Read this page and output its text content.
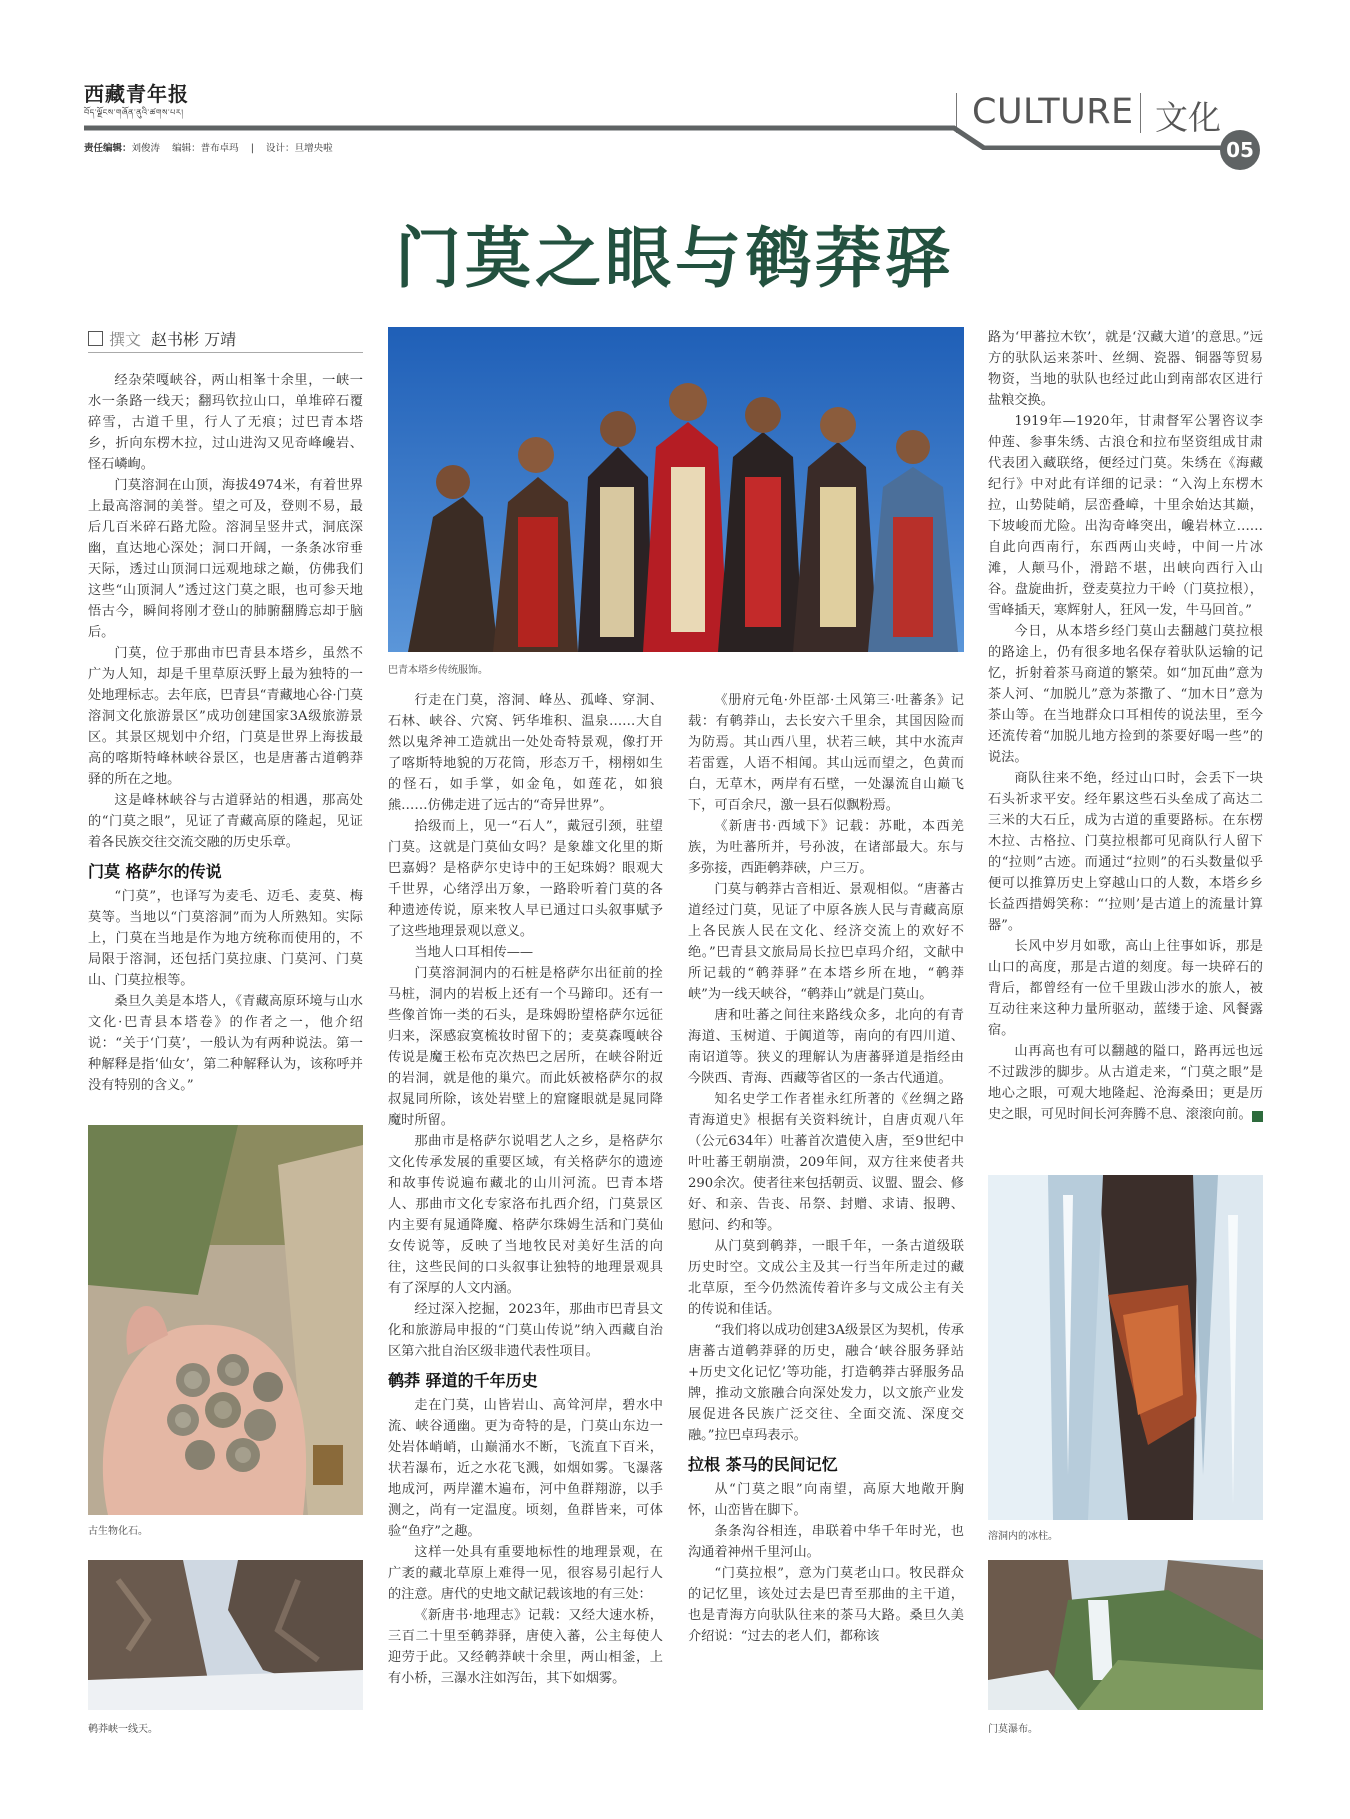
西藏青年报
བོད་ལྗོངས་གཞོན་ནུའི་ཚགས་པར།	CULTURE 文化
05
责任编辑：刘俊涛 编辑：普布卓玛 | 设计：旦增央啦
门莫之眼与鹌莽驿
撰文 赵书彬 万靖

经杂荣嘎峡谷，两山相峯十余里，一峡一水一条路一线天；翻玛钦拉山口，单堆碎石覆碎雪，古道千里，行人了无痕；过巴青本塔乡，折向东楞木拉，过山进沟又见奇峰巉岩、怪石嶙峋。

门莫溶洞在山顶，海拔4974米，有着世界上最高溶洞的美誉。望之可及，登则不易，最后几百米碎石路尤险。溶洞呈竖井式，洞底深幽，直达地心深处；洞口开阔，一条条冰帘垂天际，透过山顶洞口远观地球之巅，仿佛我们这些“山顶洞人”透过这门莫之眼，也可参天地悟古今，瞬间将刚才登山的肺腑翻腾忘却于脑后。

门莫，位于那曲市巴青县本塔乡，虽然不广为人知，却是千里草原沃野上最为独特的一处地理标志。去年底，巴青县“青藏地心谷·门莫溶洞文化旅游景区”成功创建国家3A级旅游景区。其景区规划中介绍，门莫是世界上海拔最高的喀斯特峰林峡谷景区，也是唐蕃古道鹌莽驿的所在之地。

这是峰林峡谷与古道驿站的相遇，那高处的“门莫之眼”，见证了青藏高原的隆起，见证着各民族交往交流交融的历史乐章。

门莫 格萨尔的传说

“门莫”，也译写为麦毛、迈毛、麦莫、梅莫等。当地以“门莫溶洞”而为人所熟知。实际上，门莫在当地是作为地方统称而使用的，不局限于溶洞，还包括门莫拉康、门莫河、门莫山、门莫拉根等。

桑旦久美是本塔人，《青藏高原环境与山水文化·巴青县本塔卷》的作者之一，他介绍说：“关于‘门莫’，一般认为有两种说法。第一种解释是指‘仙女’，第二种解释认为，该称呼并没有特别的含义。”

古生物化石。
鹌莽峡一线天。
巴青本塔乡传统服饰。

行走在门莫，溶洞、峰丛、孤峰、穿洞、石林、峡谷、穴窝、钙华堆积、温泉……大自然以鬼斧神工造就出一处处奇特景观，像打开了喀斯特地貌的万花筒，形态万千，栩栩如生的怪石，如手掌，如金龟，如莲花，如狼熊……仿佛走进了远古的“奇异世界”。

拾级而上，见一“石人”，戴冠引颈，驻望门莫。这就是门莫仙女吗？是象雄文化里的斯巴嘉姆？是格萨尔史诗中的王妃珠姆？眼观大千世界，心绪浮出万象，一路聆听着门莫的各种遗迹传说，原来牧人早已通过口头叙事赋予了这些地理景观以意义。

当地人口耳相传——

门莫溶洞洞内的石桩是格萨尔出征前的拴马桩，洞内的岩板上还有一个马蹄印。还有一些像首饰一类的石头，是珠姆盼望格萨尔远征归来，深感寂寞梳妆时留下的；麦莫森嘎峡谷传说是魔王松布克次热巴之居所，在峡谷附近的岩洞，就是他的巢穴。而此妖被格萨尔的叔叔晁同所除，该处岩壁上的窟窿眼就是晁同降魔时所留。

那曲市是格萨尔说唱艺人之乡，是格萨尔文化传承发展的重要区域，有关格萨尔的遗迹和故事传说遍布藏北的山川河流。巴青本塔人、那曲市文化专家洛布扎西介绍，门莫景区内主要有晁通降魔、格萨尔珠姆生活和门莫仙女传说等，反映了当地牧民对美好生活的向往，这些民间的口头叙事让独特的地理景观具有了深厚的人文内涵。

经过深入挖掘，2023年，那曲市巴青县文化和旅游局申报的“门莫山传说”纳入西藏自治区第六批自治区级非遗代表性项目。

鹌莽 驿道的千年历史

走在门莫，山皆岩山、高耸河岸，碧水中流、峡谷通幽。更为奇特的是，门莫山东边一处岩体峭峭，山巅涌水不断，飞流直下百米，状若瀑布，近之水花飞溅，如烟如雾。飞瀑落地成河，两岸灌木遍布，河中鱼群翔游，以手测之，尚有一定温度。顷刻，鱼群皆来，可体验“鱼疗”之趣。

这样一处具有重要地标性的地理景观，在广袤的藏北草原上难得一见，很容易引起行人的注意。唐代的史地文献记载该地的有三处：

《新唐书·地理志》记载：又经大速水桥，三百二十里至鹌莽驿，唐使入蕃，公主每使人迎劳于此。又经鹌莽峡十余里，两山相釜，上有小桥，三瀑水注如泻缶，其下如烟雾。

《册府元龟·外臣部·土风第三·吐蕃条》记载：有鹌莽山，去长安六千里余，其国因险而为防焉。其山西八里，状若三峡，其中水流声若雷霆，人语不相闻。其山远而望之，色黄而白，无草木，两岸有石壁，一处瀑流自山巅飞下，可百余尺，激一县石似飘粉焉。

《新唐书·西域下》记载：苏毗，本西羌族，为吐蕃所并，号孙波，在诸部最大。东与多弥接，西距鹌莽硖，户三万。

门莫与鹌莽古音相近、景观相似。“唐蕃古道经过门莫，见证了中原各族人民与青藏高原上各民族人民在文化、经济交流上的欢好不绝。”巴青县文旅局局长拉巴卓玛介绍，文献中所记载的“鹌莽驿”在本塔乡所在地，“鹌莽峡”为一线天峡谷，“鹌莽山”就是门莫山。

唐和吐蕃之间往来路线众多，北向的有青海道、玉树道、于阗道等，南向的有四川道、南诏道等。狭义的理解认为唐蕃驿道是指经由今陕西、青海、西藏等省区的一条古代通道。

知名史学工作者崔永红所著的《丝绸之路青海道史》根据有关资料统计，自唐贞观八年（公元634年）吐蕃首次遣使入唐，至9世纪中叶吐蕃王朝崩溃，209年间，双方往来使者共290余次。使者往来包括朝贡、议盟、盟会、修好、和亲、告丧、吊祭、封赠、求请、报聘、慰问、约和等。

从门莫到鹌莽，一眼千年，一条古道级联历史时空。文成公主及其一行当年所走过的藏北草原，至今仍然流传着许多与文成公主有关的传说和佳话。

“我们将以成功创建3A级景区为契机，传承唐蕃古道鹌莽驿的历史，融合‘峡谷服务驿站+历史文化记忆’等功能，打造鹌莽古驿服务品牌，推动文旅融合向深处发力，以文旅产业发展促进各民族广泛交往、全面交流、深度交融。”拉巴卓玛表示。

拉根 茶马的民间记忆

从“门莫之眼”向南望，高原大地敞开胸怀，山峦皆在脚下。

条条沟谷相连，串联着中华千年时光，也沟通着神州千里河山。

“门莫拉根”，意为门莫老山口。牧民群众的记忆里，该处过去是巴青至那曲的主干道，也是青海方向驮队往来的茶马大路。桑旦久美介绍说：“过去的老人们，都称该

路为‘甲蕃拉木钦’，就是‘汉藏大道’的意思。”远方的驮队运来茶叶、丝绸、瓷器、铜器等贸易物资，当地的驮队也经过此山到南部农区进行盐粮交换。

1919年—1920年，甘肃督军公署咨议李仲莲、参事朱绣、古浪仓和拉布坚资组成甘肃代表团入藏联络，便经过门莫。朱绣在《海藏纪行》中对此有详细的记录：“入沟上东楞木拉，山势陡峭，层峦叠嶂，十里余始达其巅，下坡峻而尤险。出沟奇峰突出，巉岩林立……自此向西南行，东西两山夹峙，中间一片冰滩，人颠马仆，滑踣不堪，出峡向西行入山谷。盘旋曲折，登麦莫拉力干岭（门莫拉根），雪峰插天，寒辉射人，狂风一发，牛马回首。”

今日，从本塔乡经门莫山去翻越门莫拉根的路途上，仍有很多地名保存着驮队运输的记忆，折射着茶马商道的繁荣。如“加瓦曲”意为茶人河、“加脱儿”意为茶撒了、“加木日”意为茶山等。在当地群众口耳相传的说法里，至今还流传着“加脱儿地方捡到的茶要好喝一些”的说法。

商队往来不绝，经过山口时，会丢下一块石头祈求平安。经年累这些石头垒成了高达二三米的大石丘，成为古道的重要路标。在东楞木拉、古格拉、门莫拉根都可见商队行人留下的“拉则”古迹。而通过“拉则”的石头数量似乎便可以推算历史上穿越山口的人数，本塔乡乡长益西措姆笑称：“‘拉则’是古道上的流量计算器”。

长风中岁月如歌，高山上往事如诉，那是山口的高度，那是古道的刻度。每一块碎石的背后，都曾经有一位千里跋山涉水的旅人，被互动往来这种力量所驱动，蓝缕于途、风餐露宿。

山再高也有可以翻越的隘口，路再远也远不过跋涉的脚步。从古道走来，“门莫之眼”是地心之眼，可观大地隆起、沧海桑田；更是历史之眼，可见时间长河奔腾不息、滚滚向前。	青

溶洞内的冰柱。
门莫瀑布。
